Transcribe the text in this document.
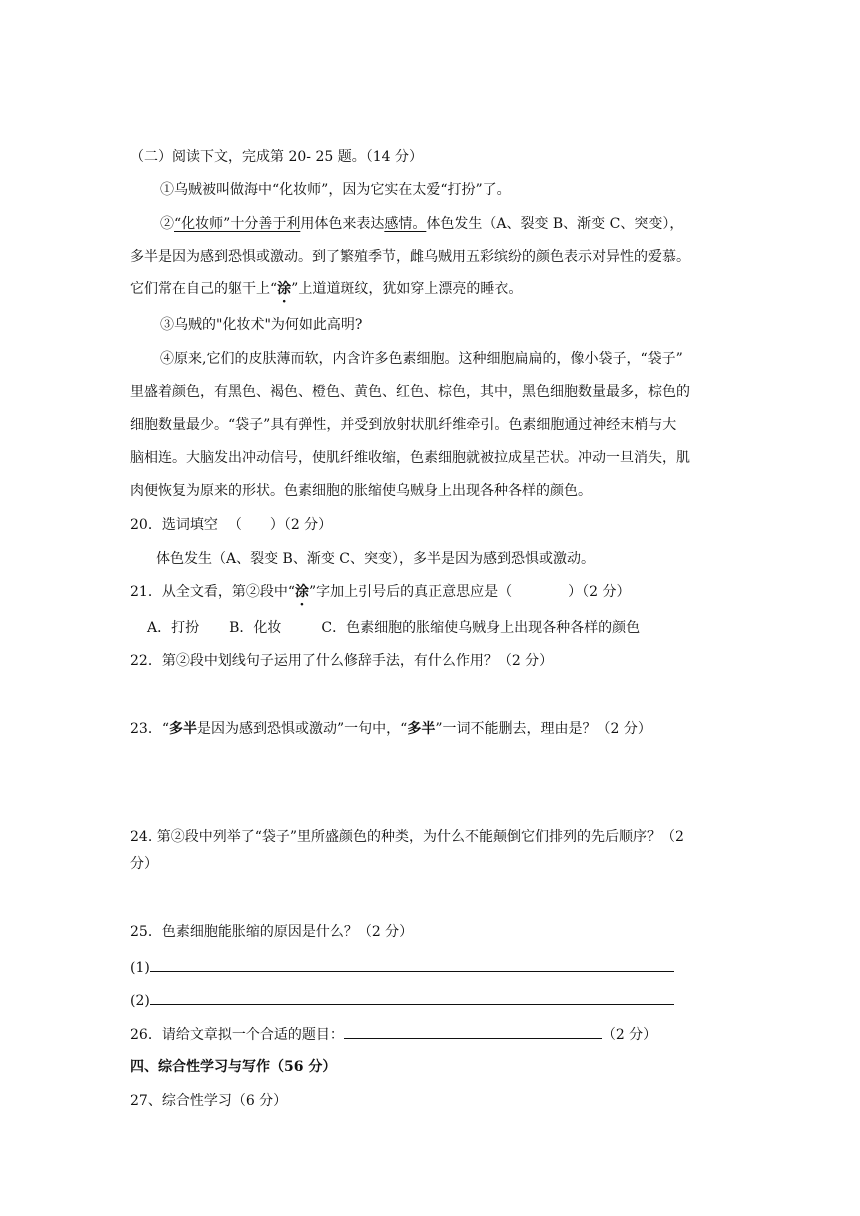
（二）阅读下文，完成第 20- 25 题。（14 分）
①乌贼被叫做海中“化妆师”，因为它实在太爱“打扮”了。
②“化妆师”十分善于利用体色来表达感情。体色发生（A、裂变 B、渐变 C、突变），
多半是因为感到恐惧或激动。到了繁殖季节，雌乌贼用五彩缤纷的颜色表示对异性的爱慕。
它们常在自己的躯干上“涂”上道道斑纹，犹如穿上漂亮的睡衣。
③乌贼的"化妆术"为何如此高明?
④原来,它们的皮肤薄而软，内含许多色素细胞。这种细胞扁扁的，像小袋子，“袋子”
里盛着颜色，有黑色、褐色、橙色、黄色、红色、棕色，其中，黑色细胞数量最多，棕色的
细胞数量最少。“袋子”具有弹性，并受到放射状肌纤维牵引。色素细胞通过神经末梢与大
脑相连。大脑发出冲动信号，使肌纤维收缩，色素细胞就被拉成星芒状。冲动一旦消失，肌
肉便恢复为原来的形状。色素细胞的胀缩使乌贼身上出现各种各样的颜色。
20．选词填空 （　　）（2 分）
体色发生（A、裂变 B、渐变 C、突变），多半是因为感到恐惧或激动。
21．从全文看，第②段中“涂”字加上引号后的真正意思应是（	）（2 分）
A．打扮 B．化妆	C．色素细胞的胀缩使乌贼身上出现各种各样的颜色
22．第②段中划线句子运用了什么修辞手法，有什么作用？（2 分）
23．“多半是因为感到恐惧或激动”一句中，“多半”一词不能删去，理由是？（2 分）
24. 第②段中列举了“袋子”里所盛颜色的种类，为什么不能颠倒它们排列的先后顺序？（2
分）
25．色素细胞能胀缩的原因是什么？（2 分）
(1)
(2)
26．请给文章拟一个合适的题目：	（2 分）
四、综合性学习与写作（56 分）
27、综合性学习（6 分）
